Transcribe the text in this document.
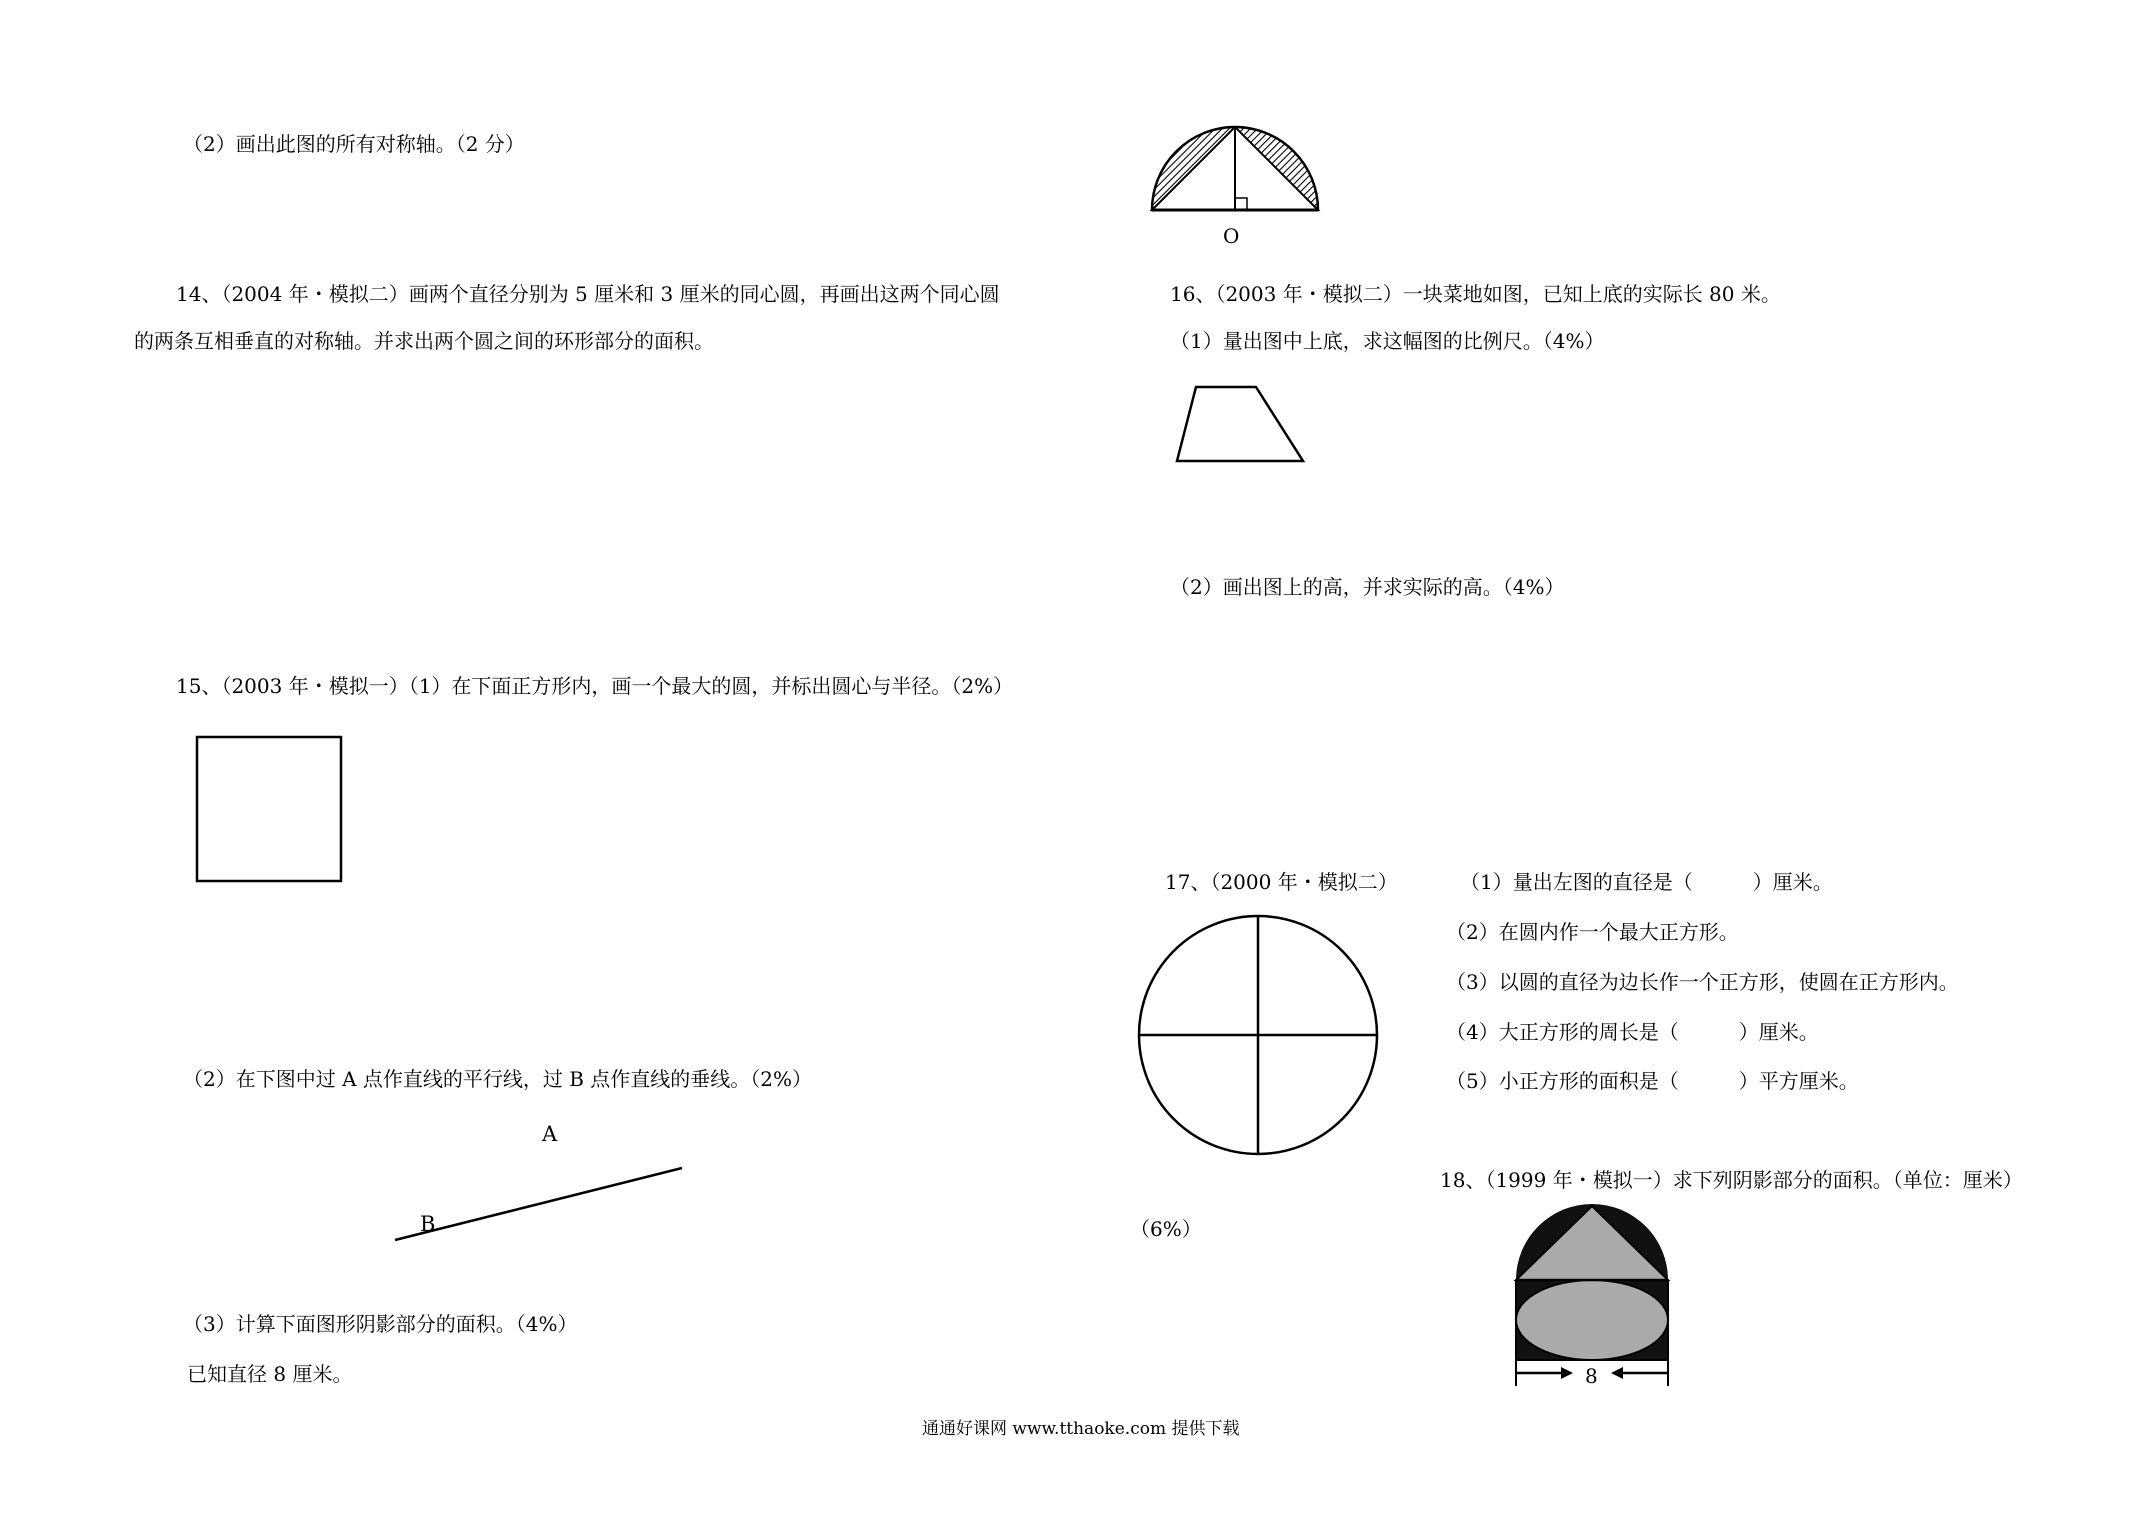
（2）画出此图的所有对称轴。（2 分）
14、（2004 年・模拟二）画两个直径分别为 5 厘米和 3 厘米的同心圆，再画出这两个同心圆
的两条互相垂直的对称轴。并求出两个圆之间的环形部分的面积。
15、（2003 年・模拟一）（1）在下面正方形内，画一个最大的圆，并标出圆心与半径。（2%）
（2）在下图中过 A 点作直线的平行线，过 B 点作直线的垂线。（2%）
A
B
（3）计算下面图形阴影部分的面积。（4%）
已知直径 8 厘米。
O
16、（2003 年・模拟二）一块菜地如图，已知上底的实际长 80 米。
（1）量出图中上底，求这幅图的比例尺。（4%）
（2）画出图上的高，并求实际的高。（4%）
17、（2000 年・模拟二）	（1）量出左图的直径是（　　　）厘米。
（2）在圆内作一个最大正方形。
（3）以圆的直径为边长作一个正方形，使圆在正方形内。
（4）大正方形的周长是（　　　）厘米。
（5）小正方形的面积是（　　　）平方厘米。
（6%）
18、（1999 年・模拟一）求下列阴影部分的面积。（单位：厘米）
8
通通好课网 www.tthaoke.com 提供下载
